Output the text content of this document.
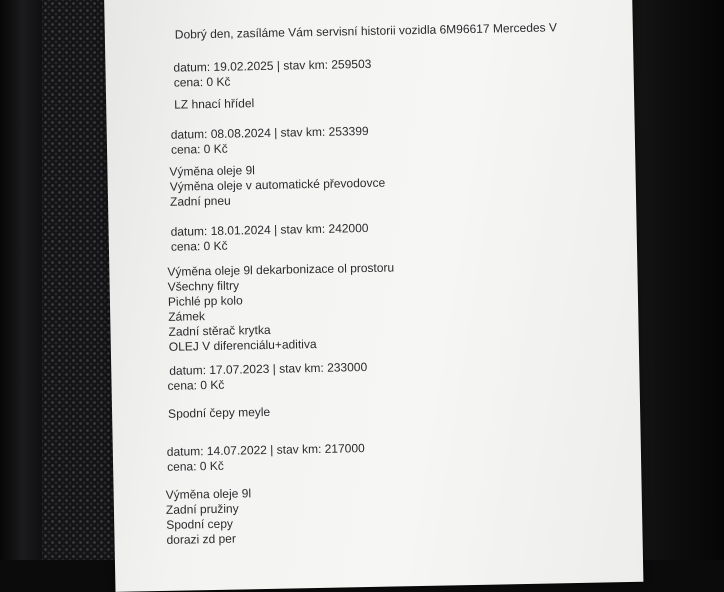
Dobrý den, zasíláme Vám servisní historii vozidla 6M96617 Mercedes V
datum: 19.02.2025 | stav km: 259503
cena: 0 Kč
LZ hnací hřídel
datum: 08.08.2024 | stav km: 253399
cena: 0 Kč
Výměna oleje 9l
Výměna oleje v automatické převodovce
Zadní pneu
datum: 18.01.2024 | stav km: 242000
cena: 0 Kč
Výměna oleje 9l dekarbonizace ol prostoru
Všechny filtry
Pichlé pp kolo
Zámek
Zadní stěrač krytka
OLEJ V diferenciálu+aditiva
datum: 17.07.2023 | stav km: 233000
cena: 0 Kč
Spodní čepy meyle
datum: 14.07.2022 | stav km: 217000
cena: 0 Kč
Výměna oleje 9l
Zadní pružiny
Spodní cepy
dorazi zd per
